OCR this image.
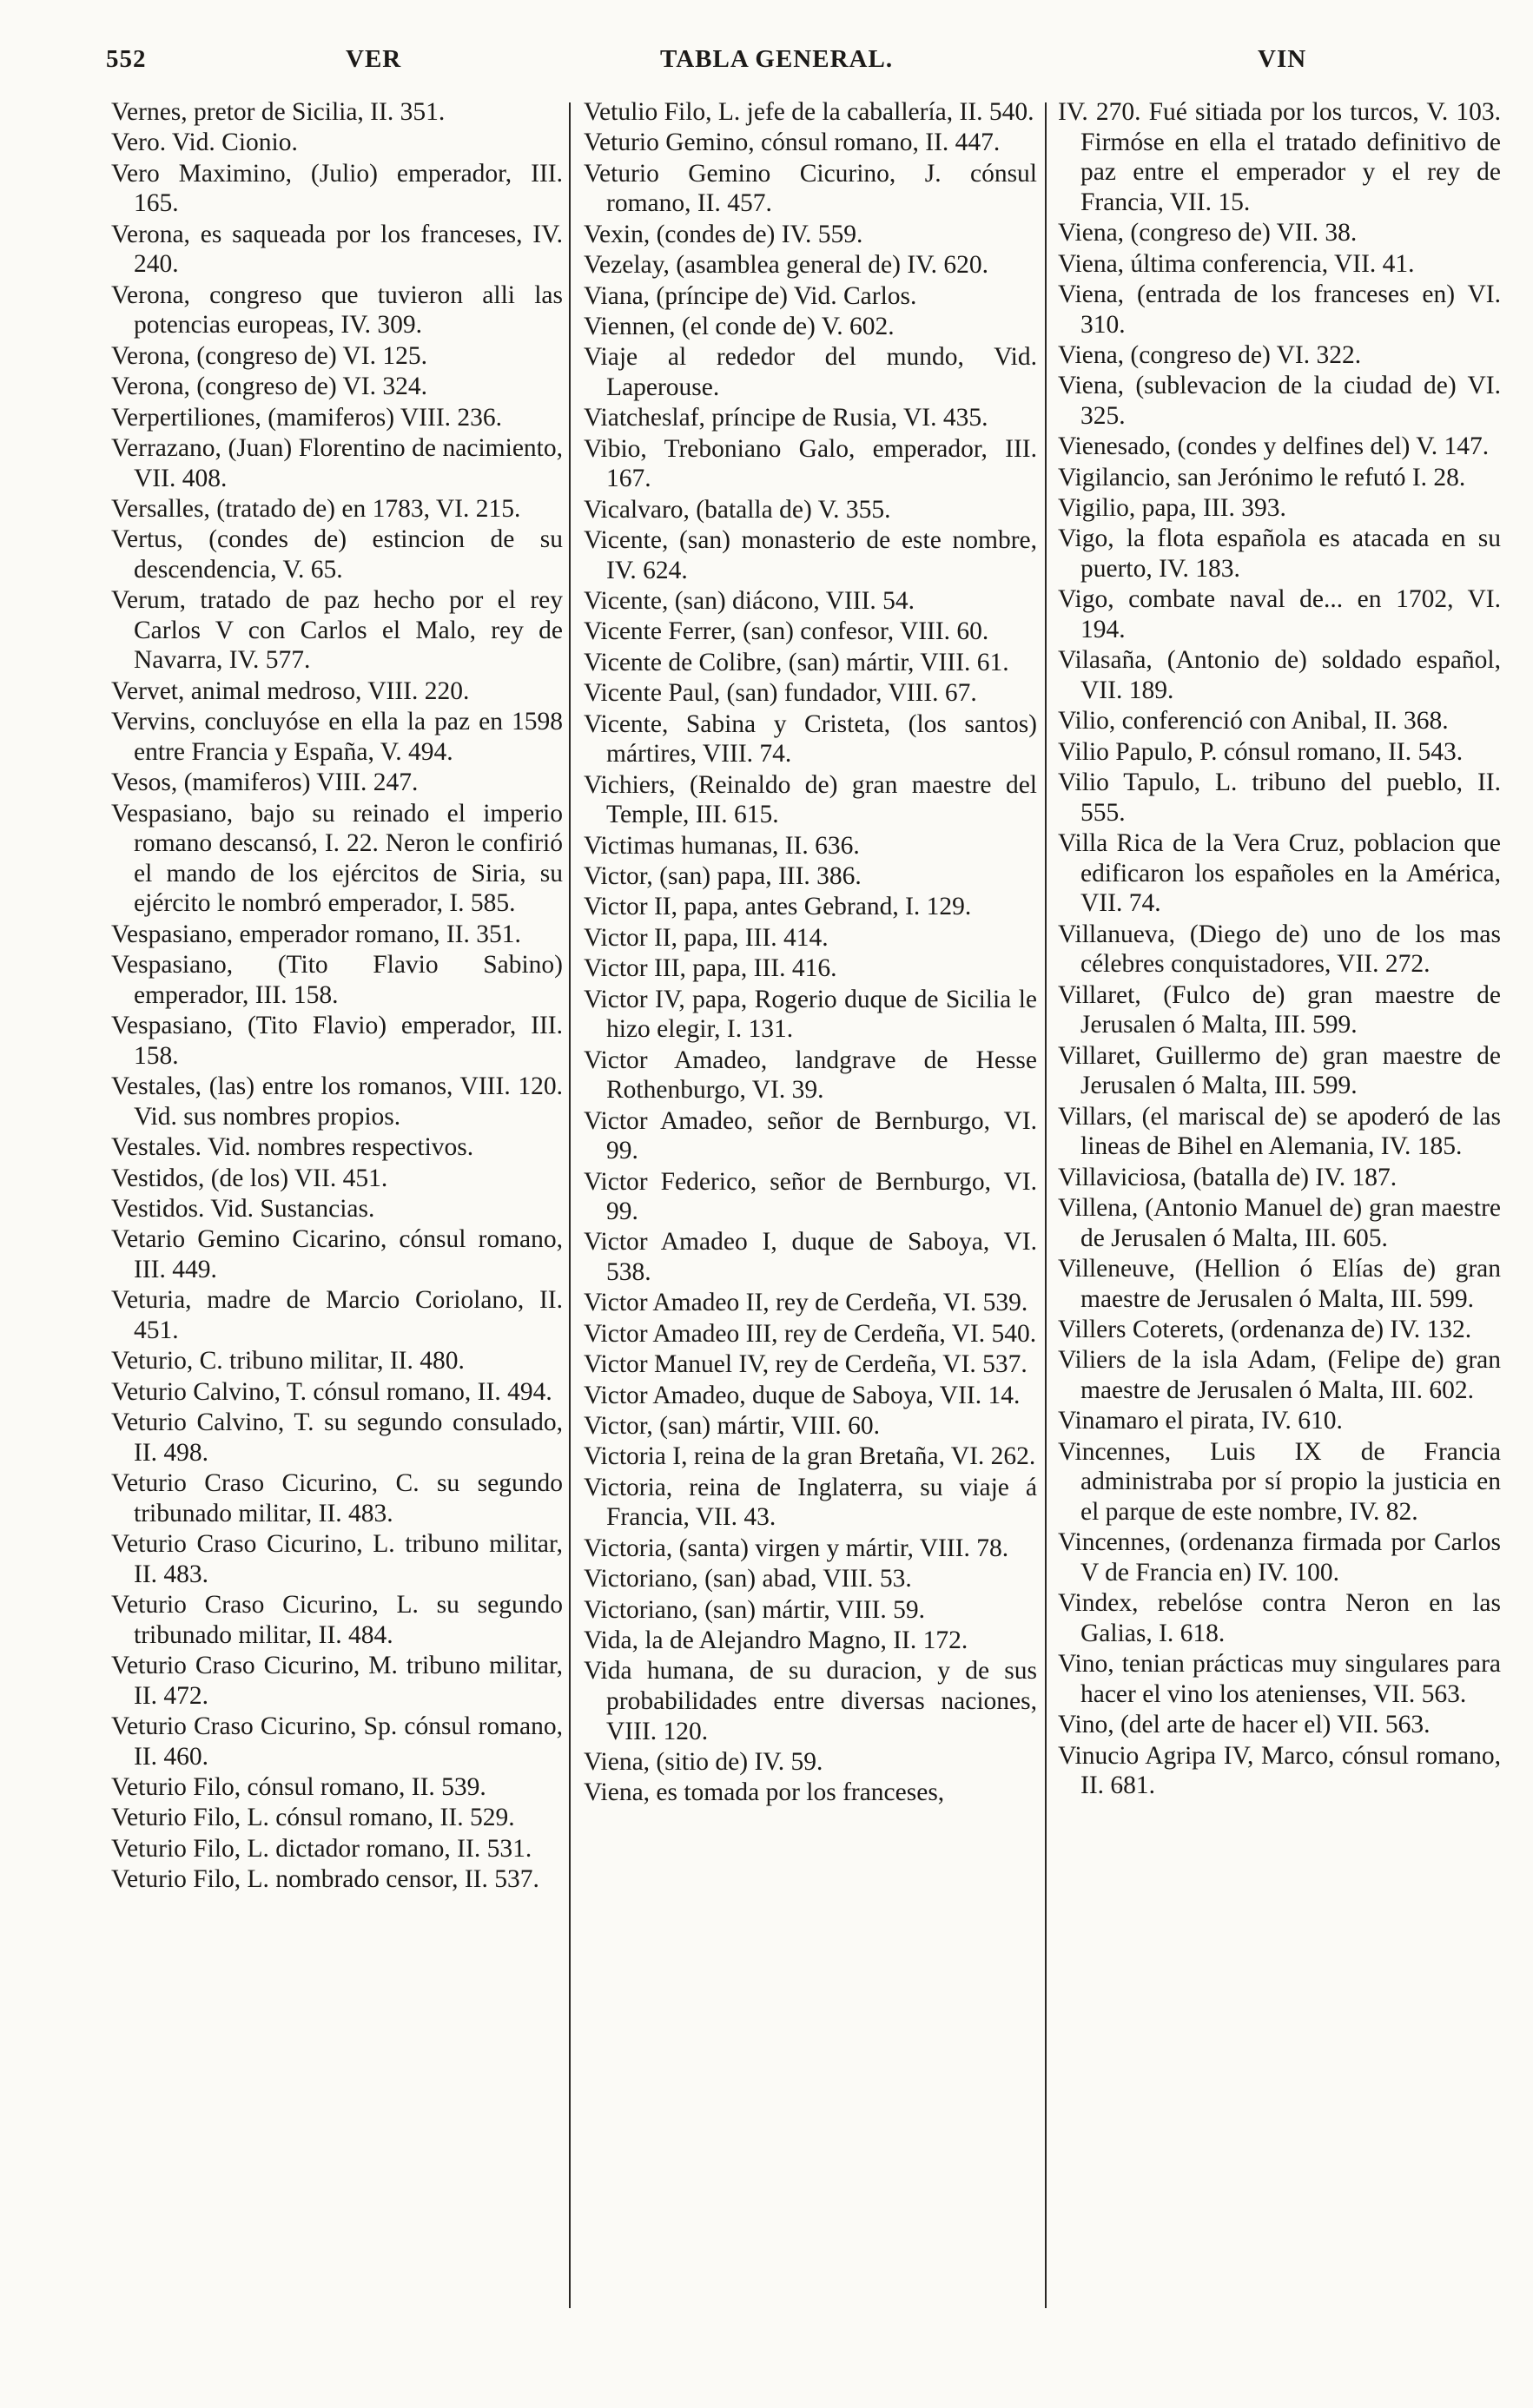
552	VER	TABLA GENERAL.	VIN
Vernes, pretor de Sicilia, II. 351.
Vero. Vid. Cionio.
Vero Maximino, (Julio) emperador, III. 165.
Verona, es saqueada por los franceses, IV. 240.
Verona, congreso que tuvieron alli las potencias europeas, IV. 309.
Verona, (congreso de) VI. 125.
Verona, (congreso de) VI. 324.
Verpertiliones, (mamiferos) VIII. 236.
Verrazano, (Juan) Florentino de nacimiento, VII. 408.
Versalles, (tratado de) en 1783, VI. 215.
Vertus, (condes de) estincion de su descendencia, V. 65.
Verum, tratado de paz hecho por el rey Carlos V con Carlos el Malo, rey de Navarra, IV. 577.
Vervet, animal medroso, VIII. 220.
Vervins, concluyóse en ella la paz en 1598 entre Francia y España, V. 494.
Vesos, (mamiferos) VIII. 247.
Vespasiano, bajo su reinado el imperio romano descansó, I. 22. Neron le confirió el mando de los ejércitos de Siria, su ejército le nombró emperador, I. 585.
Vespasiano, emperador romano, II. 351.
Vespasiano, (Tito Flavio Sabino) emperador, III. 158.
Vespasiano, (Tito Flavio) emperador, III. 158.
Vestales, (las) entre los romanos, VIII. 120. Vid. sus nombres propios.
Vestales. Vid. nombres respectivos.
Vestidos, (de los) VII. 451.
Vestidos. Vid. Sustancias.
Vetario Gemino Cicarino, cónsul romano, III. 449.
Veturia, madre de Marcio Coriolano, II. 451.
Veturio, C. tribuno militar, II. 480.
Veturio Calvino, T. cónsul romano, II. 494.
Veturio Calvino, T. su segundo consulado, II. 498.
Veturio Craso Cicurino, C. su segundo tribunado militar, II. 483.
Veturio Craso Cicurino, L. tribuno militar, II. 483.
Veturio Craso Cicurino, L. su segundo tribunado militar, II. 484.
Veturio Craso Cicurino, M. tribuno militar, II. 472.
Veturio Craso Cicurino, Sp. cónsul romano, II. 460.
Veturio Filo, cónsul romano, II. 539.
Veturio Filo, L. cónsul romano, II. 529.
Veturio Filo, L. dictador romano, II. 531.
Veturio Filo, L. nombrado censor, II. 537.
Vetulio Filo, L. jefe de la caballería, II. 540.
Veturio Gemino, cónsul romano, II. 447.
Veturio Gemino Cicurino, J. cónsul romano, II. 457.
Vexin, (condes de) IV. 559.
Vezelay, (asamblea general de) IV. 620.
Viana, (príncipe de) Vid. Carlos.
Viennen, (el conde de) V. 602.
Viaje al rededor del mundo, Vid. Laperouse.
Viatcheslaf, príncipe de Rusia, VI. 435.
Vibio, Treboniano Galo, emperador, III. 167.
Vicalvaro, (batalla de) V. 355.
Vicente, (san) monasterio de este nombre, IV. 624.
Vicente, (san) diácono, VIII. 54.
Vicente Ferrer, (san) confesor, VIII. 60.
Vicente de Colibre, (san) mártir, VIII. 61.
Vicente Paul, (san) fundador, VIII. 67.
Vicente, Sabina y Cristeta, (los santos) mártires, VIII. 74.
Vichiers, (Reinaldo de) gran maestre del Temple, III. 615.
Victimas humanas, II. 636.
Victor, (san) papa, III. 386.
Victor II, papa, antes Gebrand, I. 129.
Victor II, papa, III. 414.
Victor III, papa, III. 416.
Victor IV, papa, Rogerio duque de Sicilia le hizo elegir, I. 131.
Victor Amadeo, landgrave de Hesse Rothenburgo, VI. 39.
Victor Amadeo, señor de Bernburgo, VI. 99.
Victor Federico, señor de Bernburgo, VI. 99.
Victor Amadeo I, duque de Saboya, VI. 538.
Victor Amadeo II, rey de Cerdeña, VI. 539.
Victor Amadeo III, rey de Cerdeña, VI. 540.
Victor Manuel IV, rey de Cerdeña, VI. 537.
Victor Amadeo, duque de Saboya, VII. 14.
Victor, (san) mártir, VIII. 60.
Victoria I, reina de la gran Bretaña, VI. 262.
Victoria, reina de Inglaterra, su viaje á Francia, VII. 43.
Victoria, (santa) virgen y mártir, VIII. 78.
Victoriano, (san) abad, VIII. 53.
Victoriano, (san) mártir, VIII. 59.
Vida, la de Alejandro Magno, II. 172.
Vida humana, de su duracion, y de sus probabilidades entre diversas naciones, VIII. 120.
Viena, (sitio de) IV. 59.
Viena, es tomada por los franceses,
IV. 270. Fué sitiada por los turcos, V. 103. Firmóse en ella el tratado definitivo de paz entre el emperador y el rey de Francia, VII. 15.
Viena, (congreso de) VII. 38.
Viena, última conferencia, VII. 41.
Viena, (entrada de los franceses en) VI. 310.
Viena, (congreso de) VI. 322.
Viena, (sublevacion de la ciudad de) VI. 325.
Vienesado, (condes y delfines del) V. 147.
Vigilancio, san Jerónimo le refutó I. 28.
Vigilio, papa, III. 393.
Vigo, la flota española es atacada en su puerto, IV. 183.
Vigo, combate naval de... en 1702, VI. 194.
Vilasaña, (Antonio de) soldado español, VII. 189.
Vilio, conferenció con Anibal, II. 368.
Vilio Papulo, P. cónsul romano, II. 543.
Vilio Tapulo, L. tribuno del pueblo, II. 555.
Villa Rica de la Vera Cruz, poblacion que edificaron los españoles en la América, VII. 74.
Villanueva, (Diego de) uno de los mas célebres conquistadores, VII. 272.
Villaret, (Fulco de) gran maestre de Jerusalen ó Malta, III. 599.
Villaret, Guillermo de) gran maestre de Jerusalen ó Malta, III. 599.
Villars, (el mariscal de) se apoderó de las lineas de Bihel en Alemania, IV. 185.
Villaviciosa, (batalla de) IV. 187.
Villena, (Antonio Manuel de) gran maestre de Jerusalen ó Malta, III. 605.
Villeneuve, (Hellion ó Elías de) gran maestre de Jerusalen ó Malta, III. 599.
Villers Coterets, (ordenanza de) IV. 132.
Viliers de la isla Adam, (Felipe de) gran maestre de Jerusalen ó Malta, III. 602.
Vinamaro el pirata, IV. 610.
Vincennes, Luis IX de Francia administraba por sí propio la justicia en el parque de este nombre, IV. 82.
Vincennes, (ordenanza firmada por Carlos V de Francia en) IV. 100.
Vindex, rebelóse contra Neron en las Galias, I. 618.
Vino, tenian prácticas muy singulares para hacer el vino los atenienses, VII. 563.
Vino, (del arte de hacer el) VII. 563.
Vinucio Agripa IV, Marco, cónsul romano, II. 681.
